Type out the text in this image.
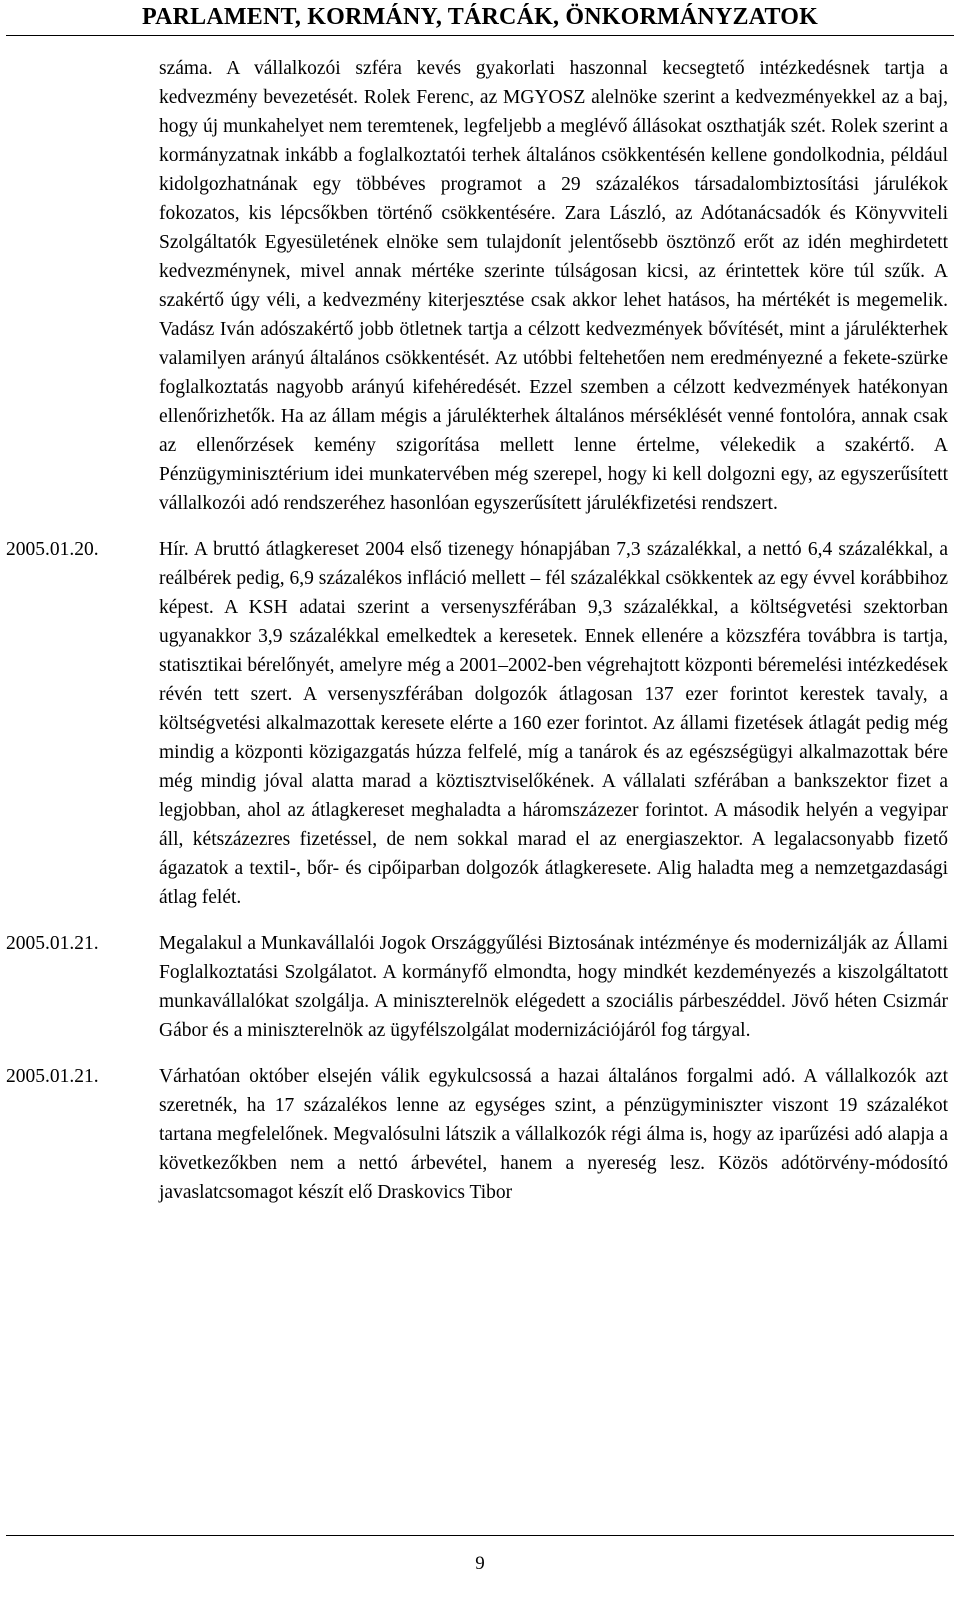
PARLAMENT, KORMÁNY, TÁRCÁK, ÖNKORMÁNYZATOK
száma. A vállalkozói szféra kevés gyakorlati haszonnal kecsegtető intézkedésnek tartja a kedvezmény bevezetését. Rolek Ferenc, az MGYOSZ alelnöke szerint a kedvezményekkel az a baj, hogy új munkahelyet nem teremtenek, legfeljebb a meglévő állásokat oszthatják szét. Rolek szerint a kormányzatnak inkább a foglalkoztatói terhek általános csökkentésén kellene gondolkodnia, például kidolgozhatnának egy többéves programot a 29 százalékos társadalombiztosítási járulékok fokozatos, kis lépcsőkben történő csökkentésére. Zara László, az Adótanácsadók és Könyvviteli Szolgáltatók Egyesületének elnöke sem tulajdonít jelentősebb ösztönző erőt az idén meghirdetett kedvezménynek, mivel annak mértéke szerinte túlságosan kicsi, az érintettek köre túl szűk. A szakértő úgy véli, a kedvezmény kiterjesztése csak akkor lehet hatásos, ha mértékét is megemelik. Vadász Iván adószakértő jobb ötletnek tartja a célzott kedvezmények bővítését, mint a járulékterhek valamilyen arányú általános csökkentését. Az utóbbi feltehetően nem eredményezné a fekete-szürke foglalkoztatás nagyobb arányú kifehéredését. Ezzel szemben a célzott kedvezmények hatékonyan ellenőrizhetők. Ha az állam mégis a járulékterhek általános mérséklését venné fontolóra, annak csak az ellenőrzések kemény szigorítása mellett lenne értelme, vélekedik a szakértő. A Pénzügyminisztérium idei munkatervében még szerepel, hogy ki kell dolgozni egy, az egyszerűsített vállalkozói adó rendszeréhez hasonlóan egyszerűsített járulékfizetési rendszert.
2005.01.20.	Hír. A bruttó átlagkereset 2004 első tizenegy hónapjában 7,3 százalékkal, a nettó 6,4 százalékkal, a reálbérek pedig, 6,9 százalékos infláció mellett – fél százalékkal csökkentek az egy évvel korábbihoz képest. A KSH adatai szerint a versenyszférában 9,3 százalékkal, a költségvetési szektorban ugyanakkor 3,9 százalékkal emelkedtek a keresetek. Ennek ellenére a közszféra továbbra is tartja, statisztikai bérelőnyét, amelyre még a 2001–2002-ben végrehajtott központi béremelési intézkedések révén tett szert. A versenyszférában dolgozók átlagosan 137 ezer forintot kerestek tavaly, a költségvetési alkalmazottak keresete elérte a 160 ezer forintot. Az állami fizetések átlagát pedig még mindig a központi közigazgatás húzza felfelé, míg a tanárok és az egészségügyi alkalmazottak bére még mindig jóval alatta marad a köztisztviselőkének. A vállalati szférában a bankszektor fizet a legjobban, ahol az átlagkereset meghaladta a háromszázezer forintot. A második helyén a vegyipar áll, kétszázezres fizetéssel, de nem sokkal marad el az energiaszektor. A legalacsonyabb fizető ágazatok a textil-, bőr- és cipőiparban dolgozók átlagkeresete. Alig haladta meg a nemzetgazdasági átlag felét.
2005.01.21.	Megalakul a Munkavállalói Jogok Országgyűlési Biztosának intézménye és modernizálják az Állami Foglalkoztatási Szolgálatot. A kormányfő elmondta, hogy mindkét kezdeményezés a kiszolgáltatott munkavállalókat szolgálja. A miniszterelnök elégedett a szociális párbeszéddel. Jövő héten Csizmár Gábor és a miniszterelnök az ügyfélszolgálat modernizációjáról fog tárgyal.
2005.01.21.	Várhatóan október elsején válik egykulcsossá a hazai általános forgalmi adó. A vállalkozók azt szeretnék, ha 17 százalékos lenne az egységes szint, a pénzügyminiszter viszont 19 százalékot tartana megfelelőnek. Megvalósulni látszik a vállalkozók régi álma is, hogy az iparűzési adó alapja a következőkben nem a nettó árbevétel, hanem a nyereség lesz. Közös adótörvény-módosító javaslatcsomagot készít elő Draskovics Tibor
9
